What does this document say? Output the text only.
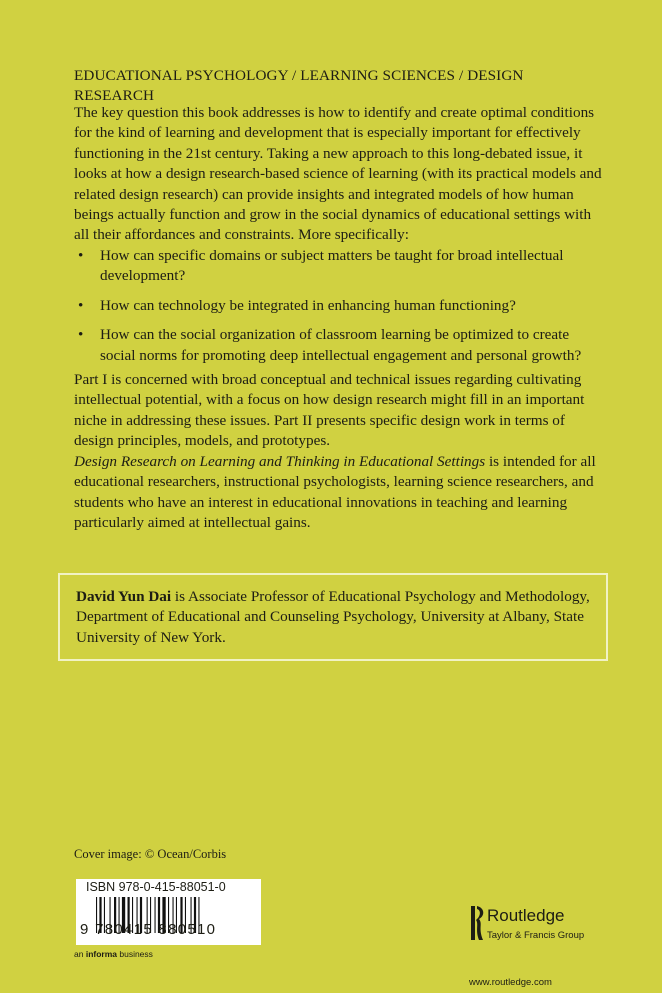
EDUCATIONAL PSYCHOLOGY / LEARNING SCIENCES / DESIGN RESEARCH
The key question this book addresses is how to identify and create optimal conditions for the kind of learning and development that is especially important for effectively functioning in the 21st century. Taking a new approach to this long-debated issue, it looks at how a design research-based science of learning (with its practical models and related design research) can provide insights and integrated models of how human beings actually function and grow in the social dynamics of educational settings with all their affordances and constraints. More specifically:
• How can specific domains or subject matters be taught for broad intellectual development?
• How can technology be integrated in enhancing human functioning?
• How can the social organization of classroom learning be optimized to create social norms for promoting deep intellectual engagement and personal growth?
Part I is concerned with broad conceptual and technical issues regarding cultivating intellectual potential, with a focus on how design research might fill in an important niche in addressing these issues. Part II presents specific design work in terms of design principles, models, and prototypes.
Design Research on Learning and Thinking in Educational Settings is intended for all educational researchers, instructional psychologists, learning science researchers, and students who have an interest in educational innovations in teaching and learning particularly aimed at intellectual gains.

David Yun Dai is Associate Professor of Educational Psychology and Methodology, Department of Educational and Counseling Psychology, University at Albany, State University of New York.

Cover image: © Ocean/Corbis
ISBN 978-0-415-88051-0
9 780415 880510
an informa business
Routledge
Taylor & Francis Group
www.routledge.com
